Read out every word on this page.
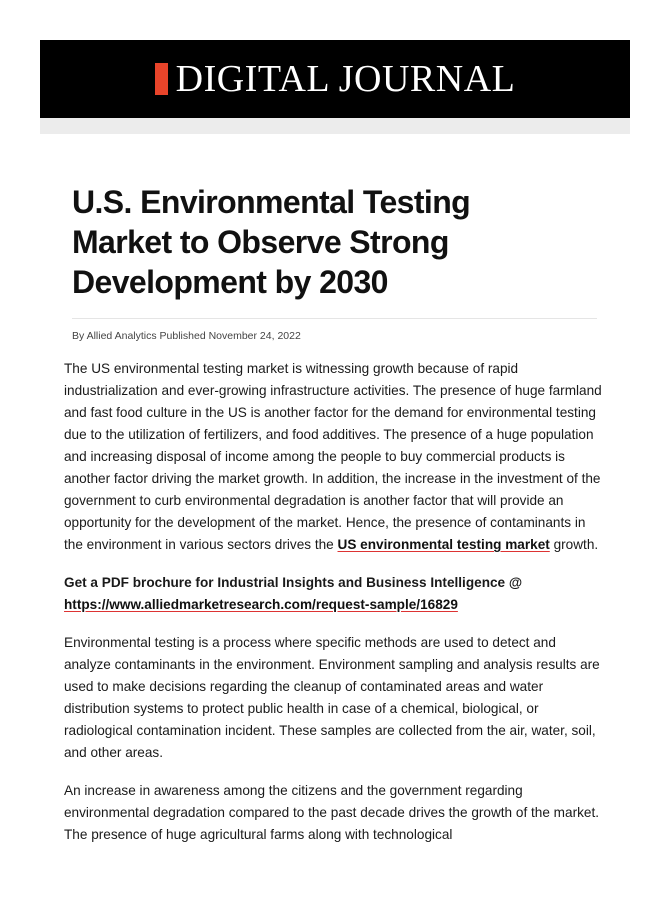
DIGITAL JOURNAL
U.S. Environmental Testing Market to Observe Strong Development by 2030
By Allied Analytics Published November 24, 2022

The US environmental testing market is witnessing growth because of rapid industrialization and ever-growing infrastructure activities. The presence of huge farmland and fast food culture in the US is another factor for the demand for environmental testing due to the utilization of fertilizers, and food additives. The presence of a huge population and increasing disposal of income among the people to buy commercial products is another factor driving the market growth. In addition, the increase in the investment of the government to curb environmental degradation is another factor that will provide an opportunity for the development of the market. Hence, the presence of contaminants in the environment in various sectors drives the US environmental testing market growth.

Get a PDF brochure for Industrial Insights and Business Intelligence @ https://www.alliedmarketresearch.com/request-sample/16829

Environmental testing is a process where specific methods are used to detect and analyze contaminants in the environment. Environment sampling and analysis results are used to make decisions regarding the cleanup of contaminated areas and water distribution systems to protect public health in case of a chemical, biological, or radiological contamination incident. These samples are collected from the air, water, soil, and other areas.

An increase in awareness among the citizens and the government regarding environmental degradation compared to the past decade drives the growth of the market. The presence of huge agricultural farms along with technological
